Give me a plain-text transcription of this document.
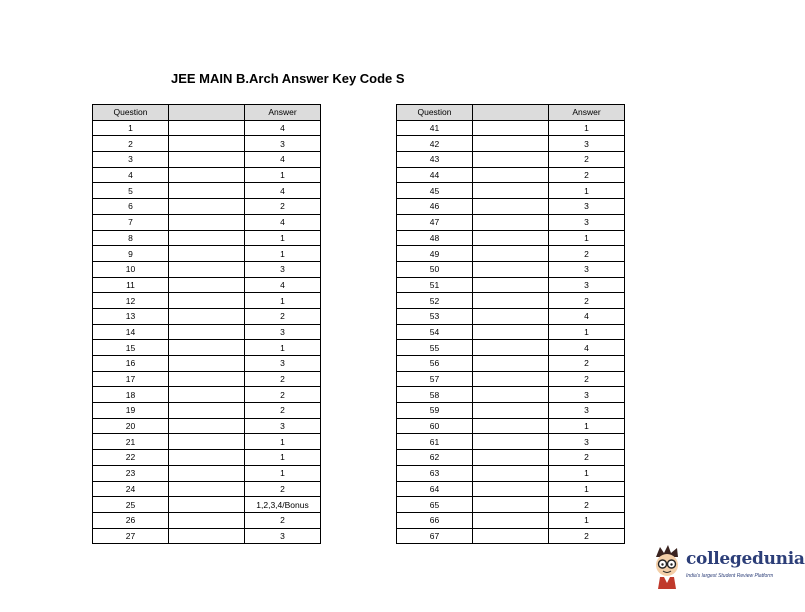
JEE MAIN B.Arch Answer Key Code S
Question		Answer
1		4
2		3
3		4
4		1
5		4
6		2
7		4
8		1
9		1
10		3
11		4
12		1
13		2
14		3
15		1
16		3
17		2
18		2
19		2
20		3
21		1
22		1
23		1
24		2
25		1,2,3,4/Bonus
26		2
27		3
Question		Answer
41		1
42		3
43		2
44		2
45		1
46		3
47		3
48		1
49		2
50		3
51		3
52		2
53		4
54		1
55		4
56		2
57		2
58		3
59		3
60		1
61		3
62		2
63		1
64		1
65		2
66		1
67		2
collegedunia
India's largest Student Review Platform
